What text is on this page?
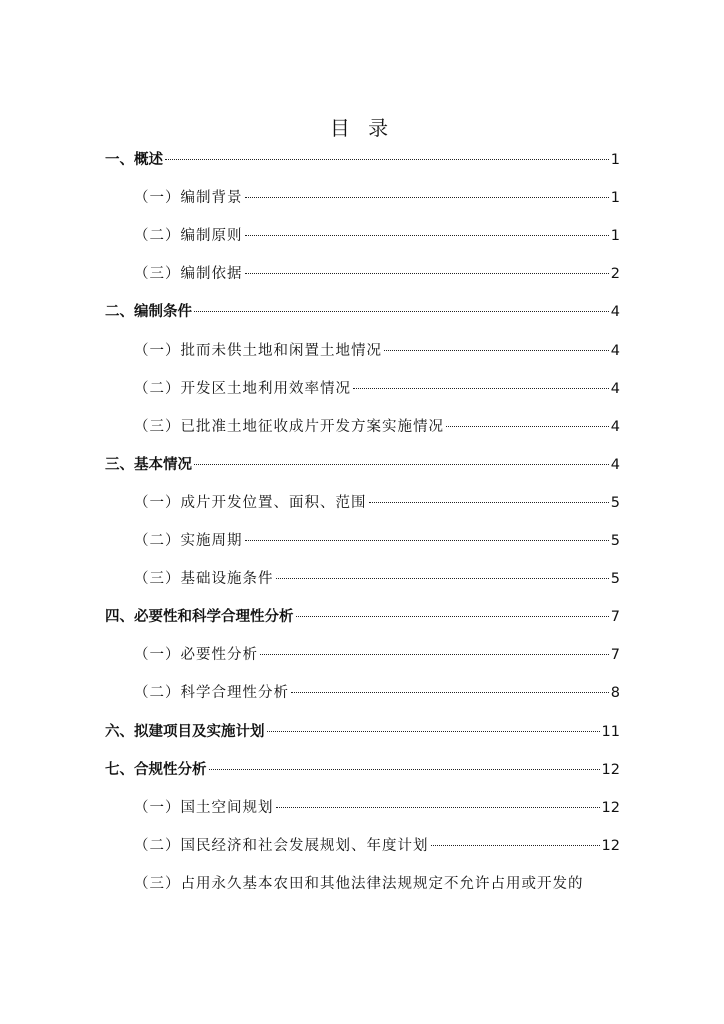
目 录
一、概述	1
（一）编制背景	1
（二）编制原则	1
（三）编制依据	2
二、编制条件	4
（一）批而未供土地和闲置土地情况	4
（二）开发区土地利用效率情况	4
（三）已批准土地征收成片开发方案实施情况	4
三、基本情况	4
（一）成片开发位置、面积、范围	5
（二）实施周期	5
（三）基础设施条件	5
四、必要性和科学合理性分析	7
（一）必要性分析	7
（二）科学合理性分析	8
六、拟建项目及实施计划	11
七、合规性分析	12
（一）国土空间规划	12
（二）国民经济和社会发展规划、年度计划	12
（三）占用永久基本农田和其他法律法规规定不允许占用或开发的
